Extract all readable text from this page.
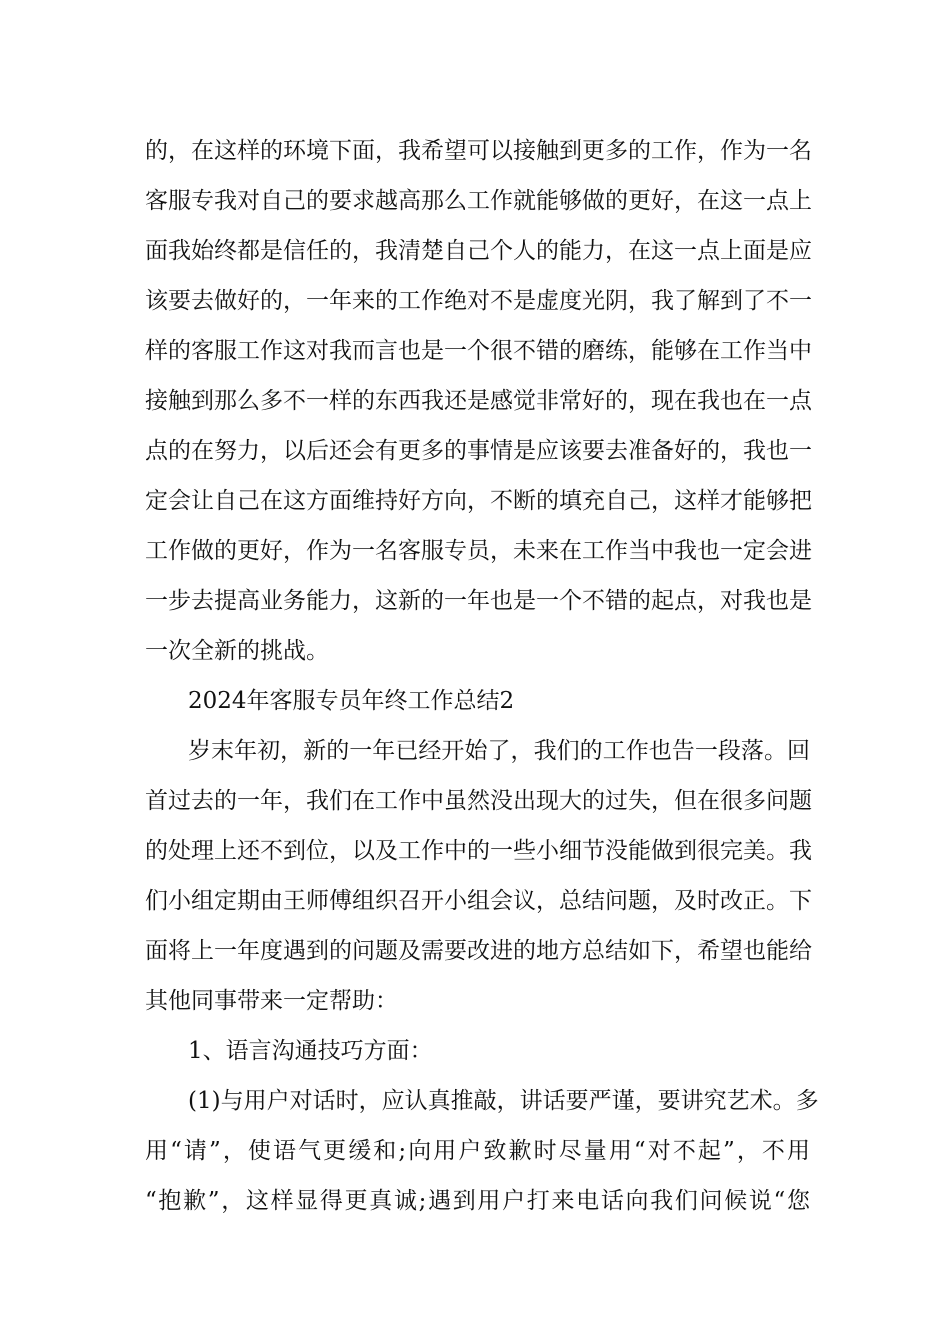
的，在这样的环境下面，我希望可以接触到更多的工作，作为一名
客服专我对自己的要求越高那么工作就能够做的更好，在这一点上
面我始终都是信任的，我清楚自己个人的能力，在这一点上面是应
该要去做好的，一年来的工作绝对不是虚度光阴，我了解到了不一
样的客服工作这对我而言也是一个很不错的磨练，能够在工作当中
接触到那么多不一样的东西我还是感觉非常好的，现在我也在一点
点的在努力，以后还会有更多的事情是应该要去准备好的，我也一
定会让自己在这方面维持好方向，不断的填充自己，这样才能够把
工作做的更好，作为一名客服专员，未来在工作当中我也一定会进
一步去提高业务能力，这新的一年也是一个不错的起点，对我也是
一次全新的挑战。
2024年客服专员年终工作总结2
岁末年初，新的一年已经开始了，我们的工作也告一段落。回
首过去的一年，我们在工作中虽然没出现大的过失，但在很多问题
的处理上还不到位，以及工作中的一些小细节没能做到很完美。我
们小组定期由王师傅组织召开小组会议，总结问题，及时改正。下
面将上一年度遇到的问题及需要改进的地方总结如下，希望也能给
其他同事带来一定帮助：
1、语言沟通技巧方面：
(1)与用户对话时，应认真推敲，讲话要严谨，要讲究艺术。多
用“请”，使语气更缓和;向用户致歉时尽量用“对不起”，不用
“抱歉”，这样显得更真诚;遇到用户打来电话向我们问候说“您
